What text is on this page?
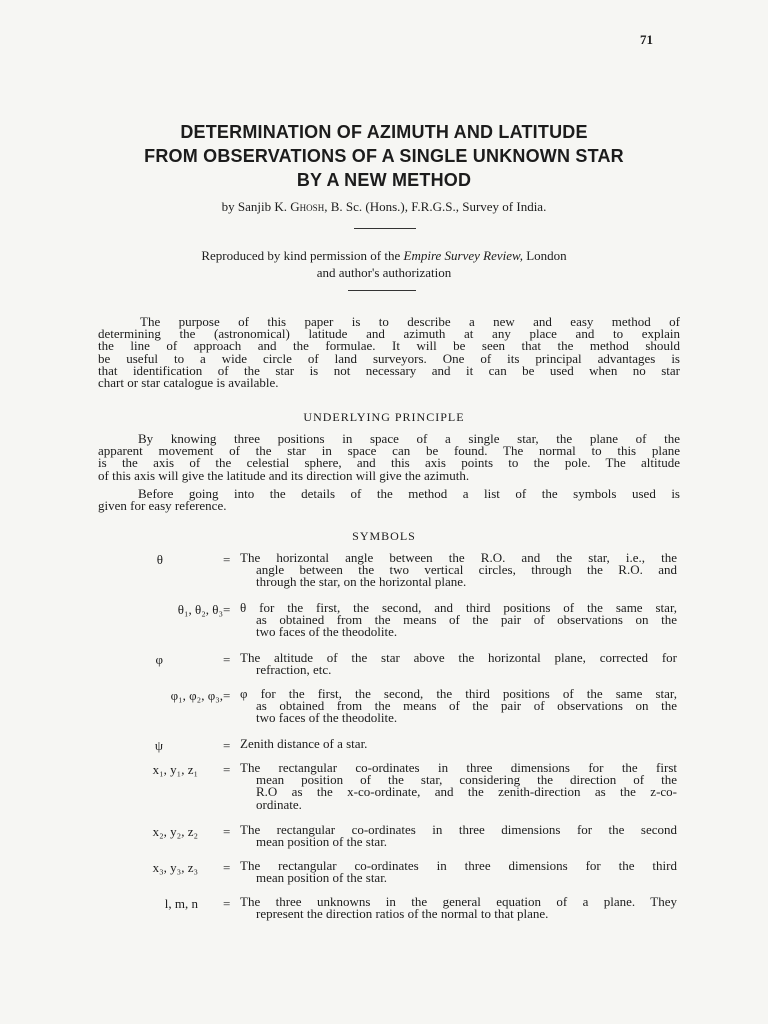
71
DETERMINATION OF AZIMUTH AND LATITUDE
FROM OBSERVATIONS OF A SINGLE UNKNOWN STAR
BY A NEW METHOD
by Sanjib K. Ghosh, B. Sc. (Hons.), F.R.G.S., Survey of India.
Reproduced by kind permission of the Empire Survey Review, London
and author's authorization
The purpose of this paper is to describe a new and easy method of
determining the (astronomical) latitude and azimuth at any place and to explain
the line of approach and the formulae. It will be seen that the method should
be useful to a wide circle of land surveyors. One of its principal advantages is
that identification of the star is not necessary and it can be used when no star
chart or star catalogue is available.
UNDERLYING PRINCIPLE
By knowing three positions in space of a single star, the plane of the
apparent movement of the star in space can be found. The normal to this plane
is the axis of the celestial sphere, and this axis points to the pole. The altitude
of this axis will give the latitude and its direction will give the azimuth.
Before going into the details of the method a list of the symbols used is
given for easy reference.
SYMBOLS
θ	= The horizontal angle between the R.O. and the star, i.e., the
angle between the two vertical circles, through the R.O. and
through the star, on the horizontal plane.
θ₁, θ₂, θ₃ = θ for the first, the second, and third positions of the same star,
as obtained from the means of the pair of observations on the
two faces of the theodolite.
φ	= The altitude of the star above the horizontal plane, corrected for
refraction, etc.
φ₁, φ₂, φ₃, = φ for the first, the second, the third positions of the same star,
as obtained from the means of the pair of observations on the
two faces of the theodolite.
ψ	= Zenith distance of a star.
x₁, y₁, z₁	= The rectangular co-ordinates in three dimensions for the first
mean position of the star, considering the direction of the
R.O as the x-co-ordinate, and the zenith-direction as the z-co-
ordinate.
x₂, y₂, z₂	= The rectangular co-ordinates in three dimensions for the second
mean position of the star.
x₃, y₃, z₃	= The rectangular co-ordinates in three dimensions for the third
mean position of the star.
l, m, n	= The three unknowns in the general equation of a plane. They
represent the direction ratios of the normal to that plane.
